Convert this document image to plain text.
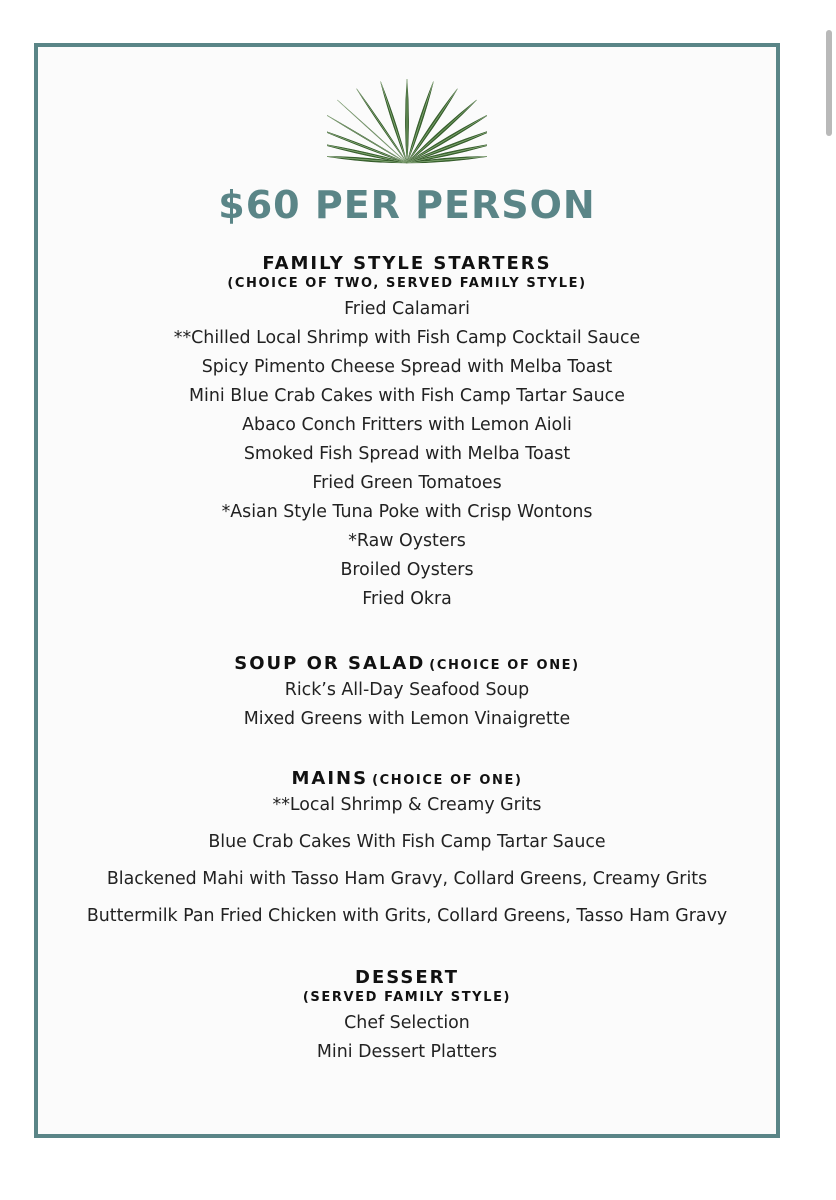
$60 PER PERSON
FAMILY STYLE STARTERS
(CHOICE OF TWO, SERVED FAMILY STYLE)
Fried Calamari
**Chilled Local Shrimp with Fish Camp Cocktail Sauce
Spicy Pimento Cheese Spread with Melba Toast
Mini Blue Crab Cakes with Fish Camp Tartar Sauce
Abaco Conch Fritters with Lemon Aioli
Smoked Fish Spread with Melba Toast
Fried Green Tomatoes
*Asian Style Tuna Poke with Crisp Wontons
*Raw Oysters
Broiled Oysters
Fried Okra
SOUP OR SALAD (CHOICE OF ONE)
Rick’s All-Day Seafood Soup
Mixed Greens with Lemon Vinaigrette
MAINS (CHOICE OF ONE)
**Local Shrimp & Creamy Grits
Blue Crab Cakes With Fish Camp Tartar Sauce
Blackened Mahi with Tasso Ham Gravy, Collard Greens, Creamy Grits
Buttermilk Pan Fried Chicken with Grits, Collard Greens, Tasso Ham Gravy
DESSERT
(SERVED FAMILY STYLE)
Chef Selection
Mini Dessert Platters
